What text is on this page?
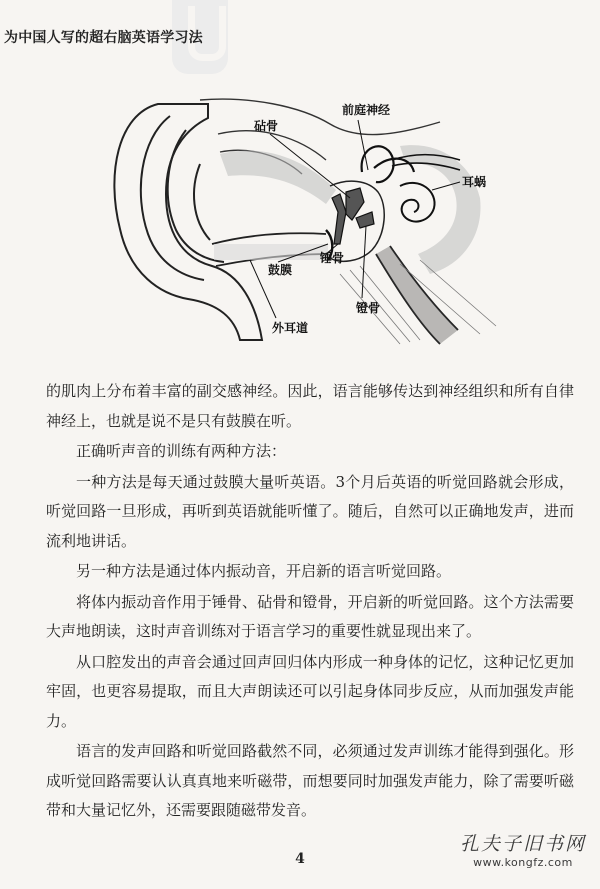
为中国人写的超右脑英语学习法
砧骨
前庭神经
耳蜗
锤骨
鼓膜
镫骨
外耳道

的肌肉上分布着丰富的副交感神经。因此，语言能够传达到神经组织和所有自律神经上，也就是说不是只有鼓膜在听。

正确听声音的训练有两种方法：

一种方法是每天通过鼓膜大量听英语。3个月后英语的听觉回路就会形成，听觉回路一旦形成，再听到英语就能听懂了。随后，自然可以正确地发声，进而流利地讲话。

另一种方法是通过体内振动音，开启新的语言听觉回路。

将体内振动音作用于锤骨、砧骨和镫骨，开启新的听觉回路。这个方法需要大声地朗读，这时声音训练对于语言学习的重要性就显现出来了。

从口腔发出的声音会通过回声回归体内形成一种身体的记忆，这种记忆更加牢固，也更容易提取，而且大声朗读还可以引起身体同步反应，从而加强发声能力。

语言的发声回路和听觉回路截然不同，必须通过发声训练才能得到强化。形成听觉回路需要认认真真地来听磁带，而想要同时加强发声能力，除了需要听磁带和大量记忆外，还需要跟随磁带发音。

4
孔夫子旧书网
www.kongfz.com
